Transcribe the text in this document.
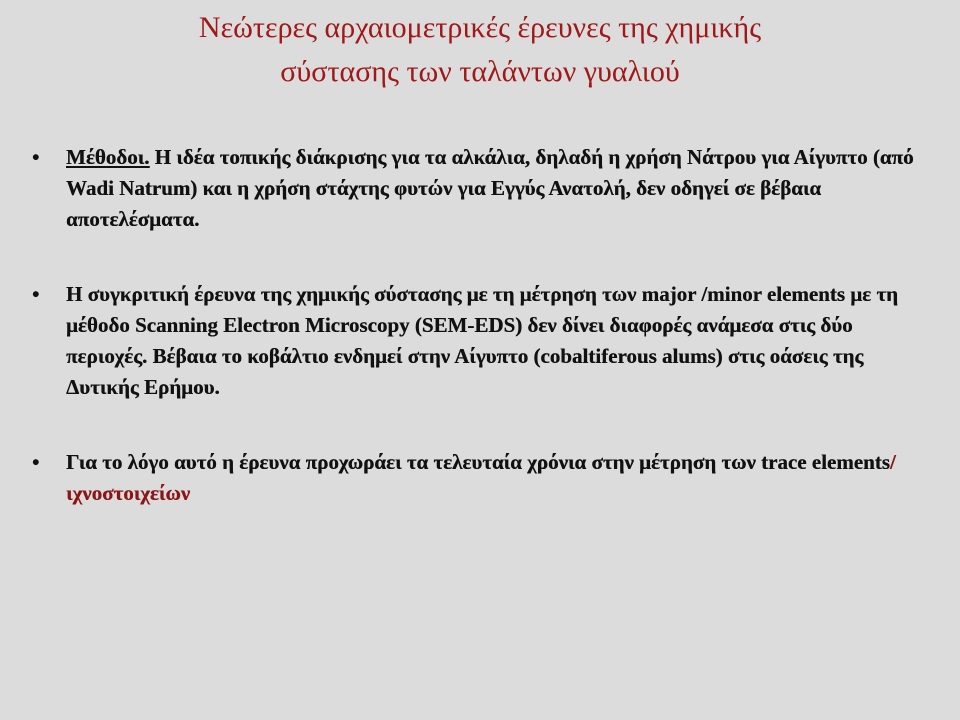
Νεώτερες αρχαιομετρικές έρευνες της χημικής
σύστασης των ταλάντων γυαλιού
• Μέθοδοι. Η ιδέα τοπικής διάκρισης για τα αλκάλια, δηλαδή η χρήση Νάτρου για Αίγυπτο (από Wadi Natrum) και η χρήση στάχτης φυτών για Εγγύς Ανατολή, δεν οδηγεί σε βέβαια αποτελέσματα.
• Η συγκριτική έρευνα της χημικής σύστασης με τη μέτρηση των major /minor elements με τη μέθοδο Scanning Electron Microscopy (SEM-EDS) δεν δίνει διαφορές ανάμεσα στις δύο περιοχές. Βέβαια το κοβάλτιο ενδημεί στην Αίγυπτο (cobaltiferous alums) στις οάσεις της Δυτικής Ερήμου.
• Για το λόγο αυτό η έρευνα προχωράει τα τελευταία χρόνια στην μέτρηση των trace elements/ιχνοστοιχείων
